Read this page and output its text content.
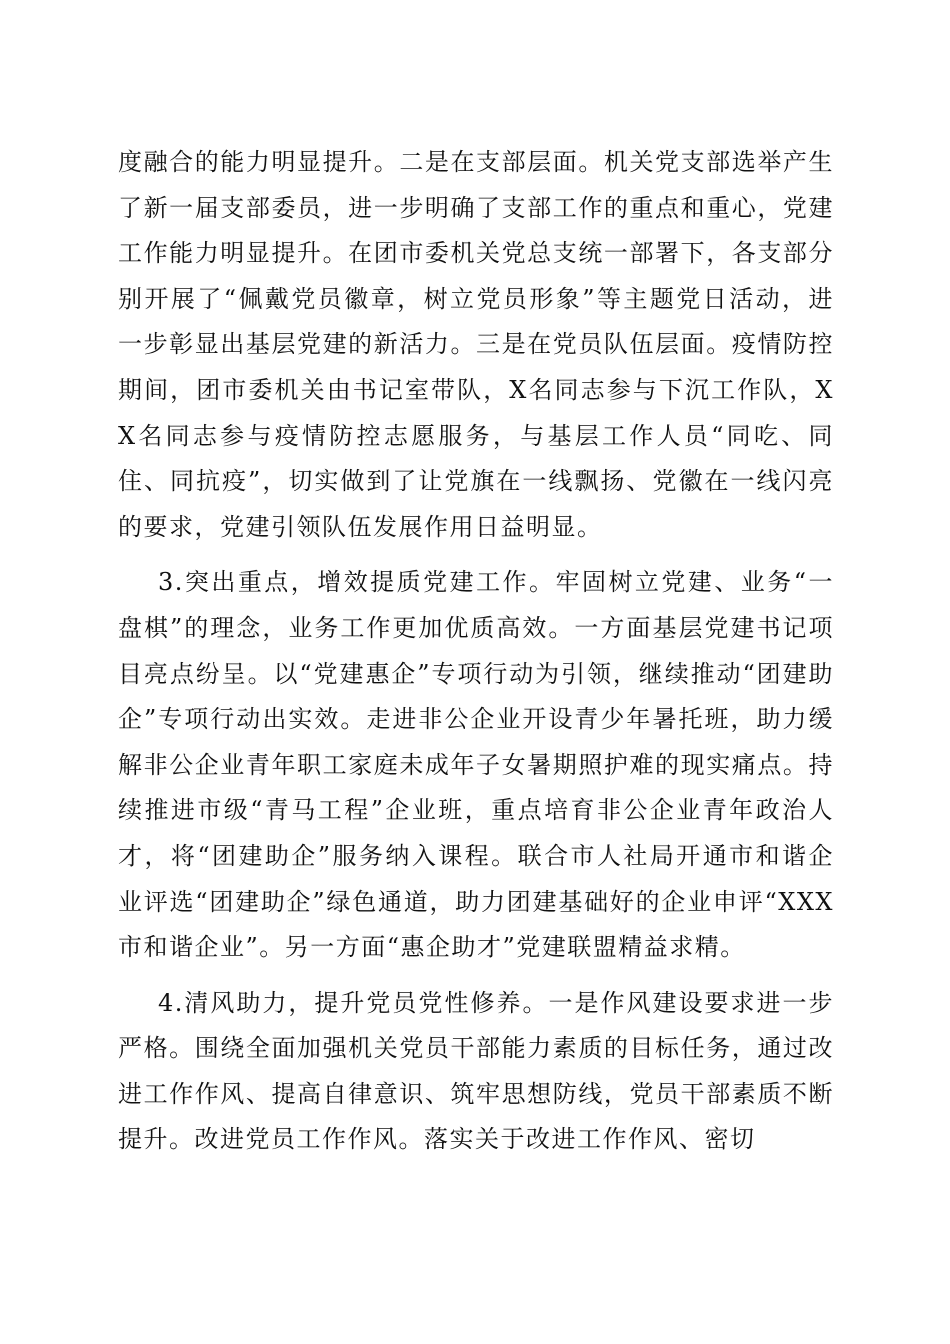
度融合的能力明显提升。二是在支部层面。机关党支部选举产生了新一届支部委员，进一步明确了支部工作的重点和重心，党建工作能力明显提升。在团市委机关党总支统一部署下，各支部分别开展了“佩戴党员徽章，树立党员形象”等主题党日活动，进一步彰显出基层党建的新活力。三是在党员队伍层面。疫情防控期间，团市委机关由书记室带队，X名同志参与下沉工作队，XX名同志参与疫情防控志愿服务，与基层工作人员“同吃、同住、同抗疫”，切实做到了让党旗在一线飘扬、党徽在一线闪亮的要求，党建引领队伍发展作用日益明显。

3.突出重点，增效提质党建工作。牢固树立党建、业务“一盘棋”的理念，业务工作更加优质高效。一方面基层党建书记项目亮点纷呈。以“党建惠企”专项行动为引领，继续推动“团建助企”专项行动出实效。走进非公企业开设青少年暑托班，助力缓解非公企业青年职工家庭未成年子女暑期照护难的现实痛点。持续推进市级“青马工程”企业班，重点培育非公企业青年政治人才，将“团建助企”服务纳入课程。联合市人社局开通市和谐企业评选“团建助企”绿色通道，助力团建基础好的企业申评“XXX市和谐企业”。另一方面“惠企助才”党建联盟精益求精。

4.清风助力，提升党员党性修养。一是作风建设要求进一步严格。围绕全面加强机关党员干部能力素质的目标任务，通过改进工作作风、提高自律意识、筑牢思想防线，党员干部素质不断提升。改进党员工作作风。落实关于改进工作作风、密切
